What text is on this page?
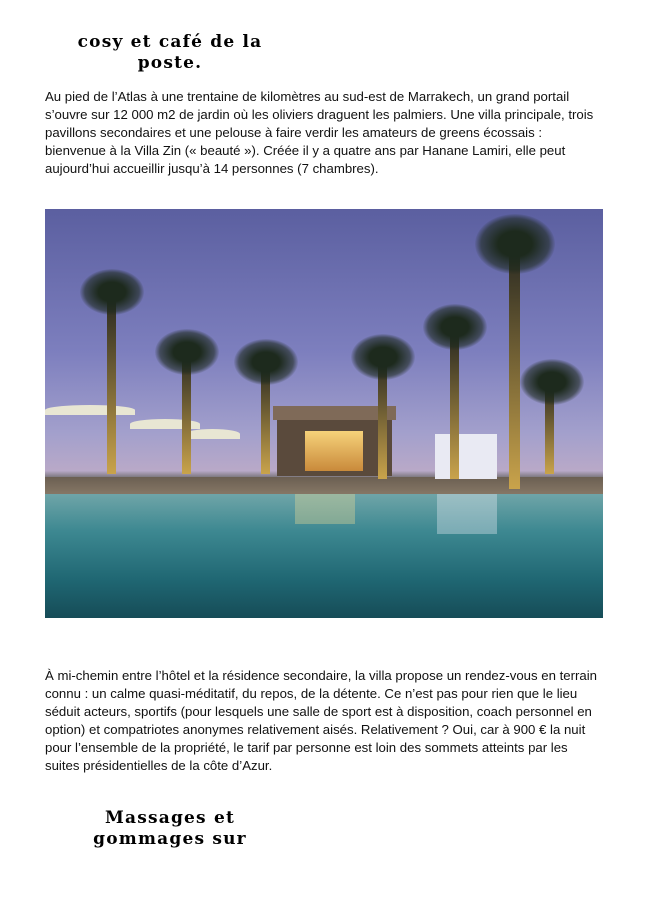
cosy et café de la poste.

Au pied de l’Atlas à une trentaine de kilomètres au sud-est de Marrakech, un grand portail s’ouvre sur 12 000 m2 de jardin où les oliviers draguent les palmiers. Une villa principale, trois pavillons secondaires et une pelouse à faire verdir les amateurs de greens écossais : bienvenue à la Villa Zin (« beauté »). Créée il y a quatre ans par Hanane Lamiri, elle peut aujourd’hui accueillir jusqu’à 14 personnes (7 chambres).

À mi-chemin entre l’hôtel et la résidence secondaire, la villa propose un rendez-vous en terrain connu : un calme quasi-méditatif, du repos, de la détente. Ce n’est pas pour rien que le lieu séduit acteurs, sportifs (pour lesquels une salle de sport est à disposition, coach personnel en option) et compatriotes anonymes relativement aisés. Relativement ? Oui, car à 900 € la nuit pour l’ensemble de la propriété, le tarif par personne est loin des sommets atteints par les suites présidentielles de la côte d’Azur.

Massages et gommages sur
